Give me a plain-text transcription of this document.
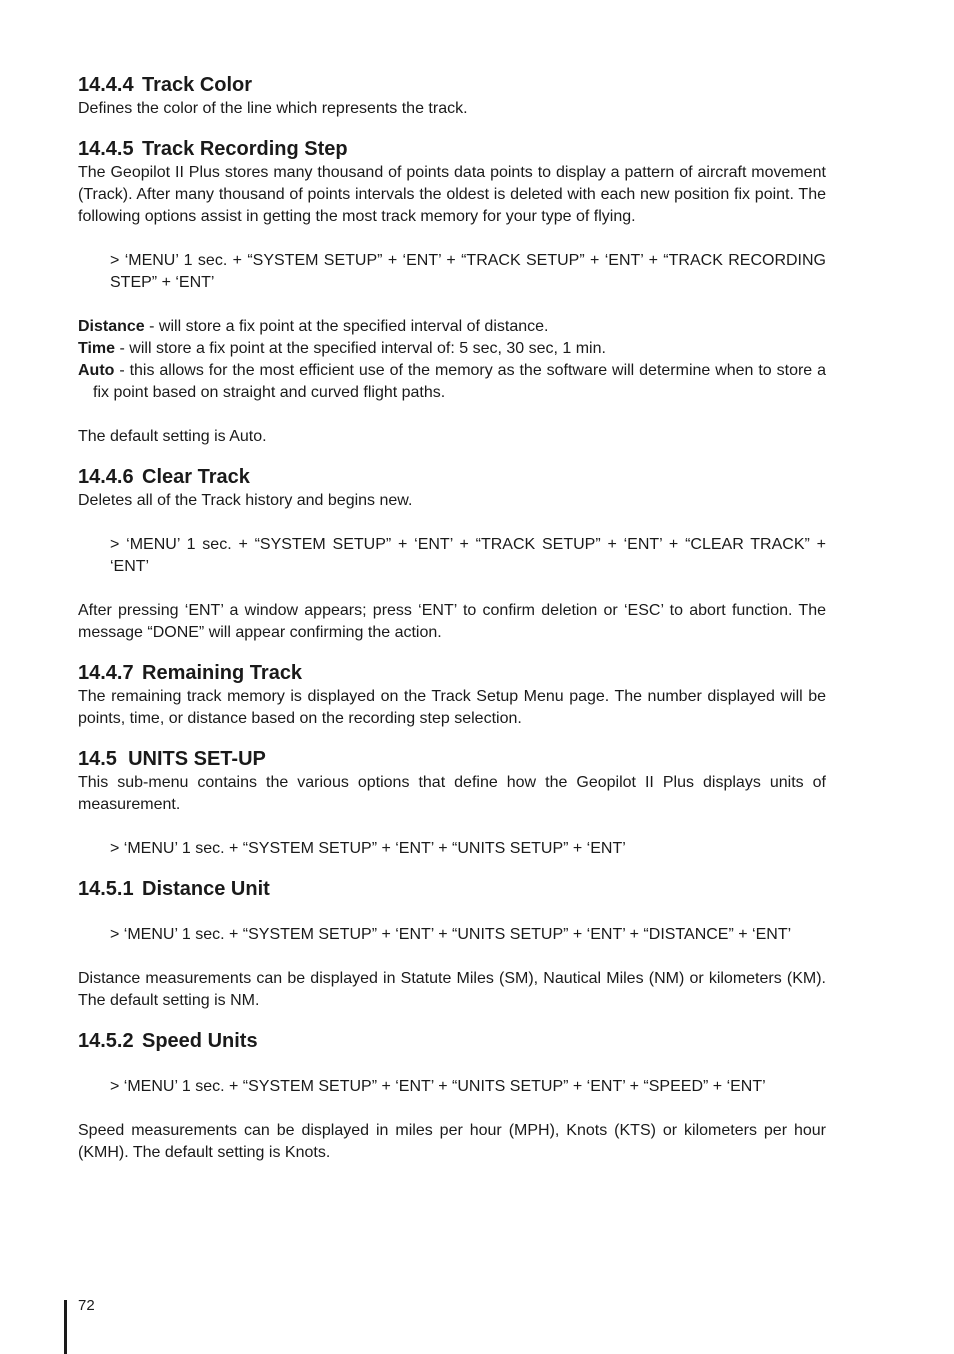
14.4.4 Track Color

Defines the color of the line which represents the track.

14.4.5 Track Recording Step

The Geopilot II Plus stores many thousand of points data points to display a pattern of aircraft movement (Track). After many thousand of points intervals the oldest is deleted with each new position fix point. The following options assist in getting the most track memory for your type of flying.

> ‘MENU’ 1 sec. + “SYSTEM SETUP” + ‘ENT’ + “TRACK SETUP” + ‘ENT’ + “TRACK RECORDING STEP” + ‘ENT’

Distance - will store a fix point at the specified interval of distance.
Time - will store a fix point at the specified interval of: 5 sec, 30 sec, 1 min.
Auto - this allows for the most efficient use of the memory as the software will determine when to store a fix point based on straight and curved flight paths.

The default setting is Auto.

14.4.6 Clear Track

Deletes all of the Track history and begins new.

> ‘MENU’ 1 sec. + “SYSTEM SETUP” + ‘ENT’ + “TRACK SETUP” + ‘ENT’ + “CLEAR TRACK” + ‘ENT’

After pressing ‘ENT’ a window appears; press ‘ENT’ to confirm deletion or ‘ESC’ to abort function. The message “DONE” will appear confirming the action.

14.4.7 Remaining Track

The remaining track memory is displayed on the Track Setup Menu page. The number displayed will be points, time, or distance based on the recording step selection.

14.5 UNITS SET-UP

This sub-menu contains the various options that define how the Geopilot II Plus displays units of measurement.

> ‘MENU’ 1 sec. + “SYSTEM SETUP” + ‘ENT’ + “UNITS SETUP” + ‘ENT’

14.5.1 Distance Unit

> ‘MENU’ 1 sec. + “SYSTEM SETUP” + ‘ENT’ + “UNITS SETUP” + ‘ENT’ + “DISTANCE” + ‘ENT’

Distance measurements can be displayed in Statute Miles (SM), Nautical Miles (NM) or kilometers (KM). The default setting is NM.

14.5.2 Speed Units

> ‘MENU’ 1 sec. + “SYSTEM SETUP” + ‘ENT’ + “UNITS SETUP” + ‘ENT’ + “SPEED” + ‘ENT’

Speed measurements can be displayed in miles per hour (MPH), Knots (KTS) or kilometers per hour (KMH). The default setting is Knots.

72
